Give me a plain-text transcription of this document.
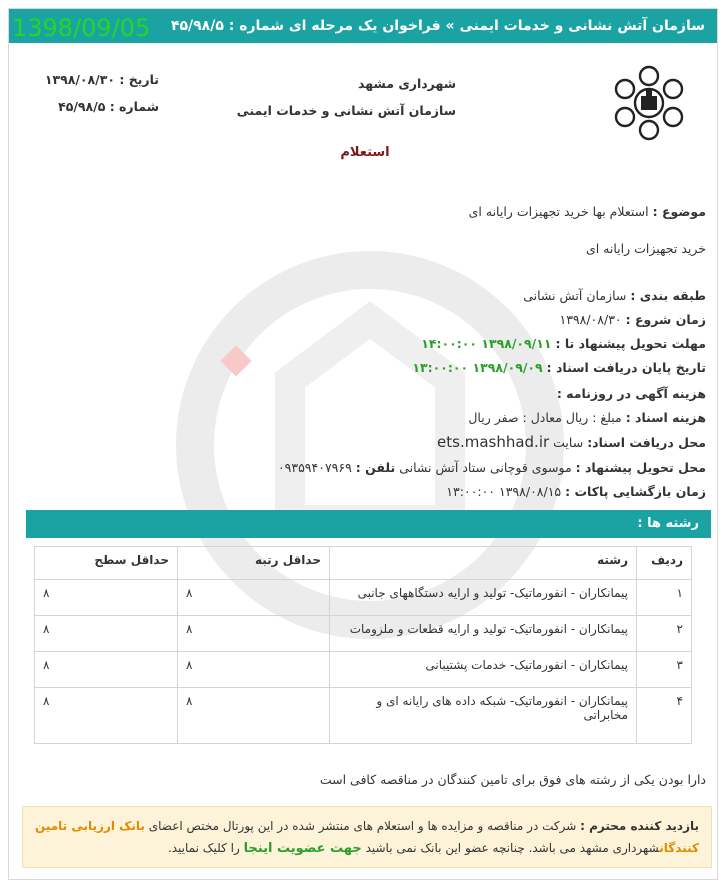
سازمان آتش نشانی و خدمات ایمنی » فراخوان یک مرحله ای شماره : ۴۵/۹۸/۵
1398/09/05
شهرداری مشهد
سازمان آتش نشانی و خدمات ایمنی
تاریخ : ۱۳۹۸/۰۸/۳۰
شماره : ۴۵/۹۸/۵
استعلام
موضوع : استعلام بها خرید تجهیزات رایانه ای
خرید تجهیزات رایانه ای
طبقه بندی : سازمان آتش نشانی
زمان شروع : ۱۳۹۸/۰۸/۳۰
مهلت تحویل پیشنهاد تا : ۱۳۹۸/۰۹/۱۱ ۱۴:۰۰:۰۰
تاریخ پایان دریافت اسناد : ۱۳۹۸/۰۹/۰۹ ۱۳:۰۰:۰۰
هزینه آگهی در روزنامه :
هزینه اسناد : مبلغ : ریال معادل : صفر ریال
محل دریافت اسناد: سایت ets.mashhad.ir
محل تحویل پیشنهاد : موسوی قوچانی ستاد آتش نشانی تلفن : ۰۹۳۵۹۴۰۷۹۶۹
زمان بازگشایی پاکات : ۱۳۹۸/۰۸/۱۵ ۱۳:۰۰:۰۰
رشته ها :
ردیف	رشته	حداقل رتبه	حداقل سطح
۱	پیمانکاران - انفورماتیک- تولید و ارایه دستگاههای جانبی	۸	۸
۲	پیمانکاران - انفورماتیک- تولید و ارایه قطعات و ملزومات	۸	۸
۳	پیمانکاران - انفورماتیک- خدمات پشتیبانی	۸	۸
۴	پیمانکاران - انفورماتیک- شبکه داده های رایانه ای و مخابراتی	۸	۸
دارا بودن یکی از رشته های فوق برای تامین کنندگان در مناقصه کافی است
بازدید کننده محترم : شرکت در مناقصه و مزایده ها و استعلام های منتشر شده در این پورتال مختص اعضای بانک ارزیابی تامین کنندگانشهرداری مشهد می باشد. چنانچه عضو این بانک نمی باشید جهت عضویت اینجا را کلیک نمایید.
